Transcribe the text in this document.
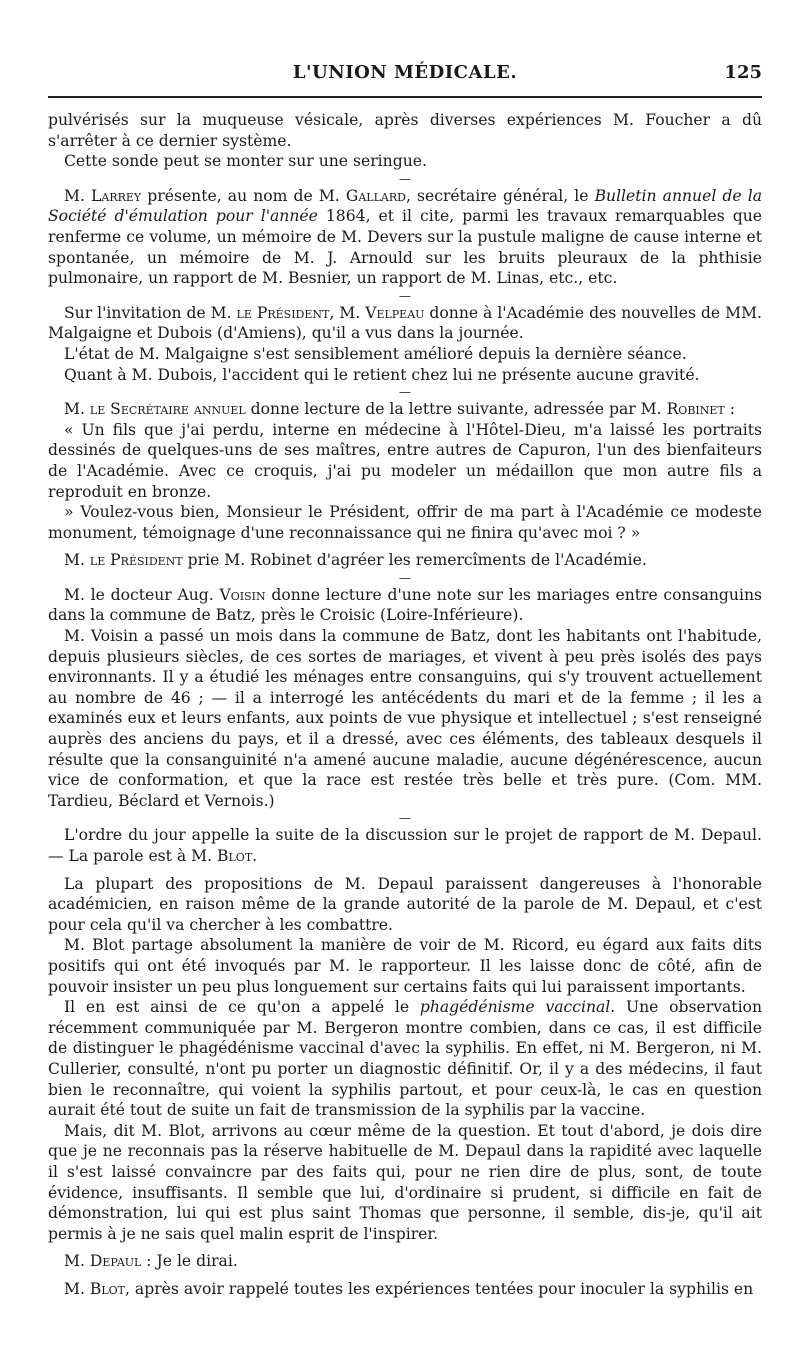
L'UNION MÉDICALE.	125

pulvérisés sur la muqueuse vésicale, après diverses expériences M. Foucher a dû s'arrêter à ce dernier système.

Cette sonde peut se monter sur une seringue.

—

M. Larrey présente, au nom de M. Gallard, secrétaire général, le Bulletin annuel de la Société d'émulation pour l'année 1864, et il cite, parmi les travaux remarquables que renferme ce volume, un mémoire de M. Devers sur la pustule maligne de cause interne et spontanée, un mémoire de M. J. Arnould sur les bruits pleuraux de la phthisie pulmonaire, un rapport de M. Besnier, un rapport de M. Linas, etc., etc.

—

Sur l'invitation de M. le Président, M. Velpeau donne à l'Académie des nouvelles de MM. Malgaigne et Dubois (d'Amiens), qu'il a vus dans la journée.

L'état de M. Malgaigne s'est sensiblement amélioré depuis la dernière séance.

Quant à M. Dubois, l'accident qui le retient chez lui ne présente aucune gravité.

—

M. le Secrétaire annuel donne lecture de la lettre suivante, adressée par M. Robinet :

« Un fils que j'ai perdu, interne en médecine à l'Hôtel-Dieu, m'a laissé les portraits dessinés de quelques-uns de ses maîtres, entre autres de Capuron, l'un des bienfaiteurs de l'Académie. Avec ce croquis, j'ai pu modeler un médaillon que mon autre fils a reproduit en bronze.

» Voulez-vous bien, Monsieur le Président, offrir de ma part à l'Académie ce modeste monument, témoignage d'une reconnaissance qui ne finira qu'avec moi ? »

M. le Président prie M. Robinet d'agréer les remercîments de l'Académie.

—

M. le docteur Aug. Voisin donne lecture d'une note sur les mariages entre consanguins dans la commune de Batz, près le Croisic (Loire-Inférieure).

M. Voisin a passé un mois dans la commune de Batz, dont les habitants ont l'habitude, depuis plusieurs siècles, de ces sortes de mariages, et vivent à peu près isolés des pays environnants. Il y a étudié les ménages entre consanguins, qui s'y trouvent actuellement au nombre de 46 ; — il a interrogé les antécédents du mari et de la femme ; il les a examinés eux et leurs enfants, aux points de vue physique et intellectuel ; s'est renseigné auprès des anciens du pays, et il a dressé, avec ces éléments, des tableaux desquels il résulte que la consanguinité n'a amené aucune maladie, aucune dégénérescence, aucun vice de conformation, et que la race est restée très belle et très pure. (Com. MM. Tardieu, Béclard et Vernois.)

—

L'ordre du jour appelle la suite de la discussion sur le projet de rapport de M. Depaul. — La parole est à M. Blot.

La plupart des propositions de M. Depaul paraissent dangereuses à l'honorable académicien, en raison même de la grande autorité de la parole de M. Depaul, et c'est pour cela qu'il va chercher à les combattre.

M. Blot partage absolument la manière de voir de M. Ricord, eu égard aux faits dits positifs qui ont été invoqués par M. le rapporteur. Il les laisse donc de côté, afin de pouvoir insister un peu plus longuement sur certains faits qui lui paraissent importants.

Il en est ainsi de ce qu'on a appelé le phagédénisme vaccinal. Une observation récemment communiquée par M. Bergeron montre combien, dans ce cas, il est difficile de distinguer le phagédénisme vaccinal d'avec la syphilis. En effet, ni M. Bergeron, ni M. Cullerier, consulté, n'ont pu porter un diagnostic définitif. Or, il y a des médecins, il faut bien le reconnaître, qui voient la syphilis partout, et pour ceux-là, le cas en question aurait été tout de suite un fait de transmission de la syphilis par la vaccine.

Mais, dit M. Blot, arrivons au cœur même de la question. Et tout d'abord, je dois dire que je ne reconnais pas la réserve habituelle de M. Depaul dans la rapidité avec laquelle il s'est laissé convaincre par des faits qui, pour ne rien dire de plus, sont, de toute évidence, insuffisants. Il semble que lui, d'ordinaire si prudent, si difficile en fait de démonstration, lui qui est plus saint Thomas que personne, il semble, dis-je, qu'il ait permis à je ne sais quel malin esprit de l'inspirer.

M. Depaul : Je le dirai.

M. Blot, après avoir rappelé toutes les expériences tentées pour inoculer la syphilis en
